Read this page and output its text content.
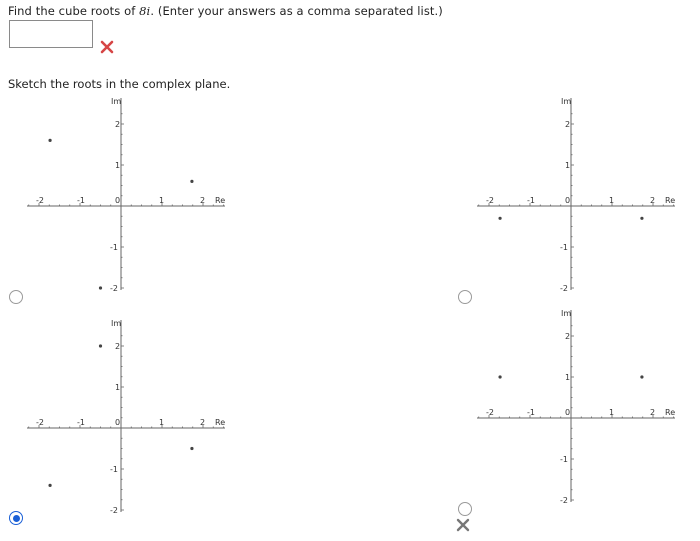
Find the cube roots of 8i. (Enter your answers as a comma separated list.)
Sketch the roots in the complex plane.
-2	-1	0	1	2 Re
2
1
-1
-2
Im
-2	-1	0	1	2 Re
2
1
-1
-2
Im
-2	-1	0	1	2 Re
2
1
-1
-2
Im
-2	-1	0	1	2 Re
2
1
-1
-2
Im
